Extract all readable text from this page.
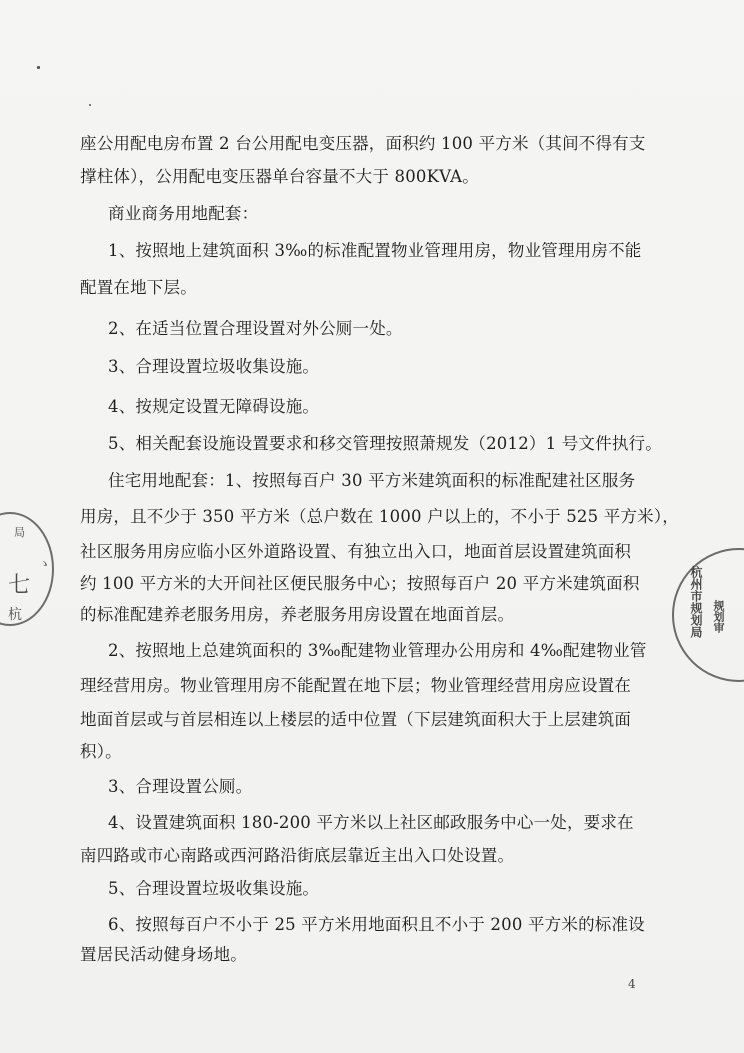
座公用配电房布置 2 台公用配电变压器，面积约 100 平方米（其间不得有支
撑柱体），公用配电变压器单台容量不大于 800KVA。
商业商务用地配套：
1、按照地上建筑面积 3‰的标准配置物业管理用房，物业管理用房不能
配置在地下层。
2、在适当位置合理设置对外公厕一处。
3、合理设置垃圾收集设施。
4、按规定设置无障碍设施。
5、相关配套设施设置要求和移交管理按照萧规发（2012）1 号文件执行。
住宅用地配套：1、按照每百户 30 平方米建筑面积的标准配建社区服务
用房，且不少于 350 平方米（总户数在 1000 户以上的，不小于 525 平方米），
社区服务用房应临小区外道路设置、有独立出入口，地面首层设置建筑面积
约 100 平方米的大开间社区便民服务中心；按照每百户 20 平方米建筑面积
的标准配建养老服务用房，养老服务用房设置在地面首层。
2、按照地上总建筑面积的 3‰配建物业管理办公用房和 4‰配建物业管
理经营用房。物业管理用房不能配置在地下层；物业管理经营用房应设置在
地面首层或与首层相连以上楼层的适中位置（下层建筑面积大于上层建筑面
积）。
3、合理设置公厕。
4、设置建筑面积 180-200 平方米以上社区邮政服务中心一处，要求在
南四路或市心南路或西河路沿街底层靠近主出入口处设置。
5、合理设置垃圾收集设施。
6、按照每百户不小于 25 平方米用地面积且不小于 200 平方米的标准设
置居民活动健身场地。
4
局
ゝ
七
杭	杭州市规划局 规划审
